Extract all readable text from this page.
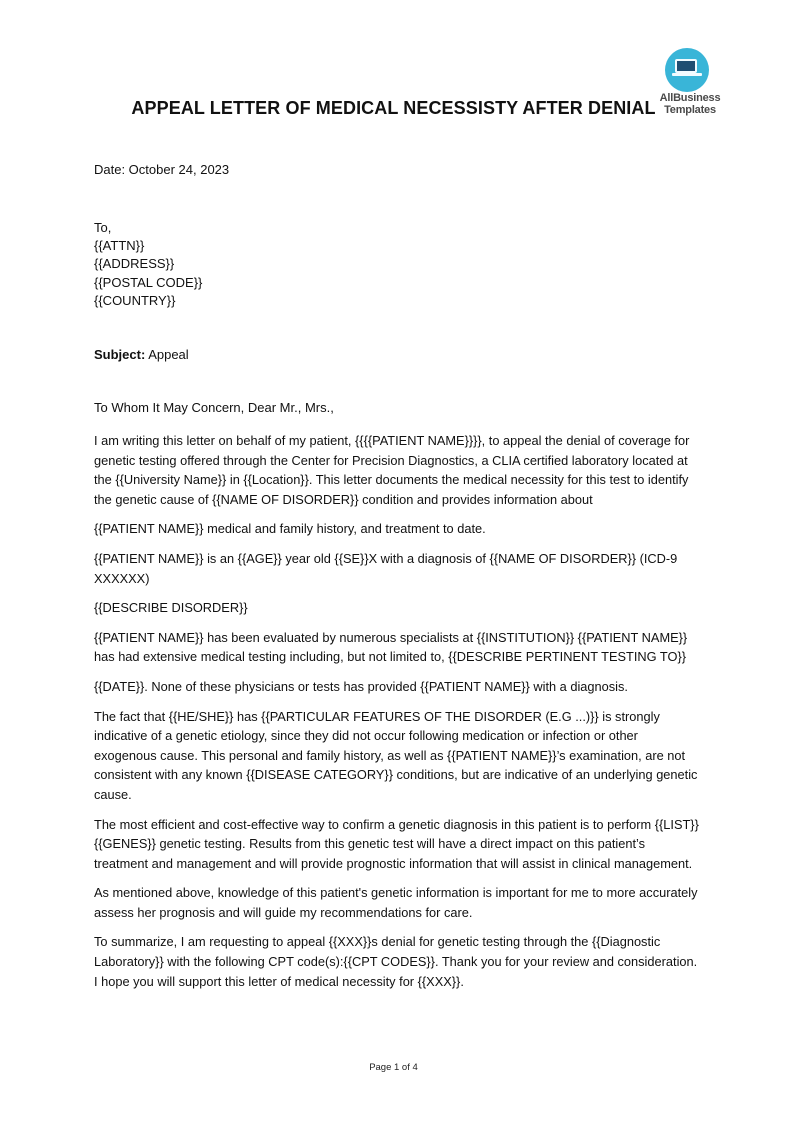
AllBusiness
Templates
APPEAL LETTER OF MEDICAL NECESSISTY AFTER DENIAL
Date: October 24, 2023
To,
{{ATTN}}
{{ADDRESS}}
{{POSTAL CODE}}
{{COUNTRY}}
Subject: Appeal
To Whom It May Concern, Dear Mr., Mrs.,

I am writing this letter on behalf of my patient, {{{{PATIENT NAME}}}}, to appeal the denial of coverage for genetic testing offered through the Center for Precision Diagnostics, a CLIA certified laboratory located at the {{University Name}} in {{Location}}. This letter documents the medical necessity for this test to identify the genetic cause of {{NAME OF DISORDER}} condition and provides information about

{{PATIENT NAME}} medical and family history, and treatment to date.

{{PATIENT NAME}} is an {{AGE}} year old {{SE}}X with a diagnosis of {{NAME OF DISORDER}} (ICD-9 XXXXXX)

{{DESCRIBE DISORDER}}

{{PATIENT NAME}} has been evaluated by numerous specialists at {{INSTITUTION}} {{PATIENT NAME}} has had extensive medical testing including, but not limited to, {{DESCRIBE PERTINENT TESTING TO}}

{{DATE}}. None of these physicians or tests has provided {{PATIENT NAME}} with a diagnosis.

The fact that {{HE/SHE}} has {{PARTICULAR FEATURES OF THE DISORDER (E.G ...)}} is strongly indicative of a genetic etiology, since they did not occur following medication or infection or other exogenous cause. This personal and family history, as well as {{PATIENT NAME}}’s examination, are not consistent with any known {{DISEASE CATEGORY}} conditions, but are indicative of an underlying genetic cause.

The most efficient and cost-effective way to confirm a genetic diagnosis in this patient is to perform {{LIST}}{{GENES}} genetic testing. Results from this genetic test will have a direct impact on this patient’s treatment and management and will provide prognostic information that will assist in clinical management.

As mentioned above, knowledge of this patient's genetic information is important for me to more accurately assess her prognosis and will guide my recommendations for care.

To summarize, I am requesting to appeal {{XXX}}s denial for genetic testing through the {{Diagnostic Laboratory}} with the following CPT code(s):{{CPT CODES}}. Thank you for your review and consideration. I hope you will support this letter of medical necessity for {{XXX}}.

Page 1 of 4
